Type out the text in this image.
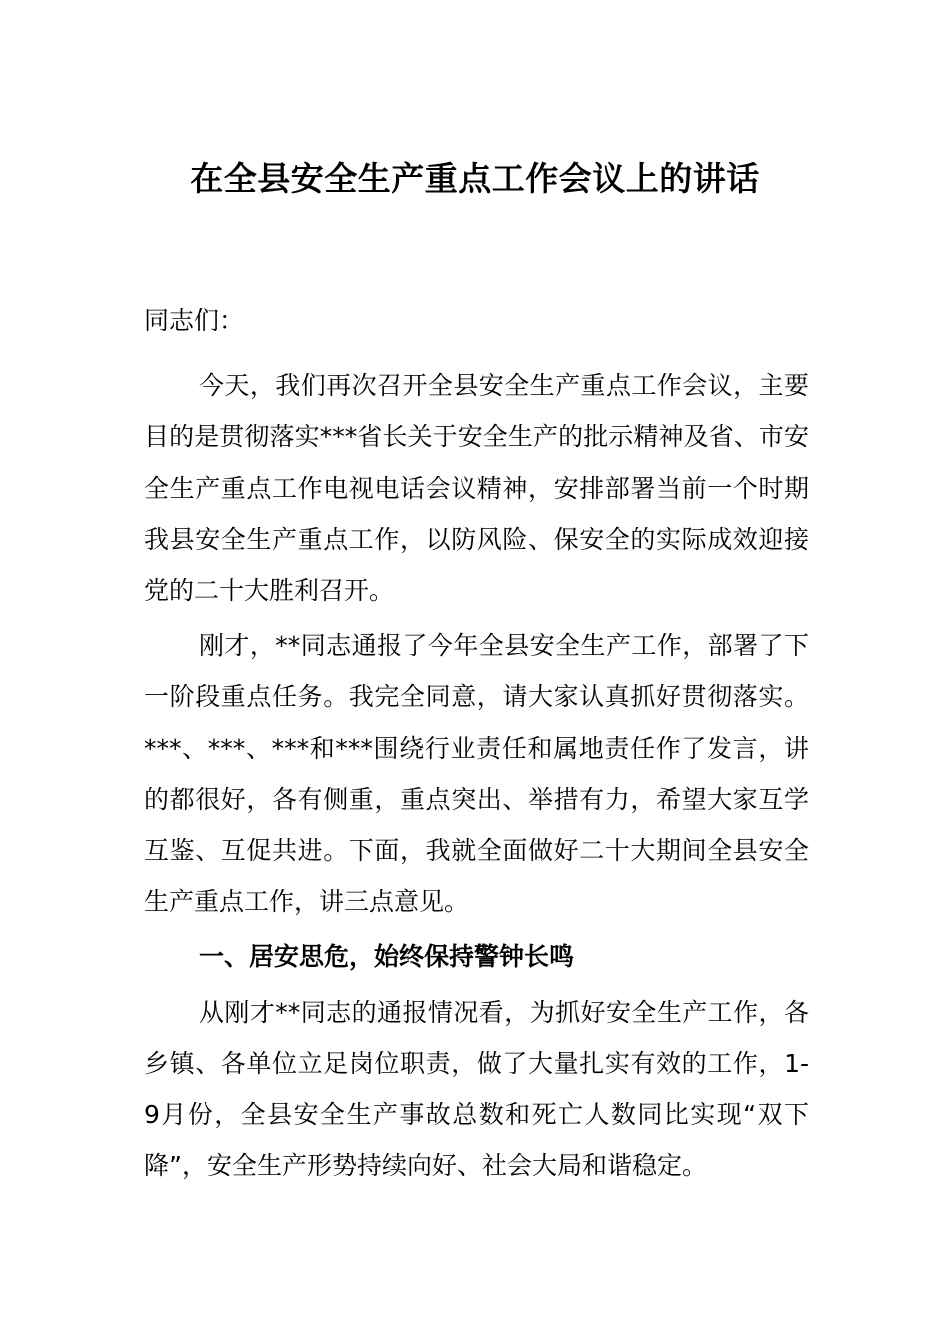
在全县安全生产重点工作会议上的讲话

同志们：

今天，我们再次召开全县安全生产重点工作会议，主要目的是贯彻落实***省长关于安全生产的批示精神及省、市安全生产重点工作电视电话会议精神，安排部署当前一个时期我县安全生产重点工作，以防风险、保安全的实际成效迎接党的二十大胜利召开。

刚才，**同志通报了今年全县安全生产工作，部署了下一阶段重点任务。我完全同意，请大家认真抓好贯彻落实。***、***、***和***围绕行业责任和属地责任作了发言，讲的都很好，各有侧重，重点突出、举措有力，希望大家互学互鉴、互促共进。下面，我就全面做好二十大期间全县安全生产重点工作，讲三点意见。

一、居安思危，始终保持警钟长鸣

从刚才**同志的通报情况看，为抓好安全生产工作，各乡镇、各单位立足岗位职责，做了大量扎实有效的工作，1-9月份，全县安全生产事故总数和死亡人数同比实现“双下降”，安全生产形势持续向好、社会大局和谐稳定。
